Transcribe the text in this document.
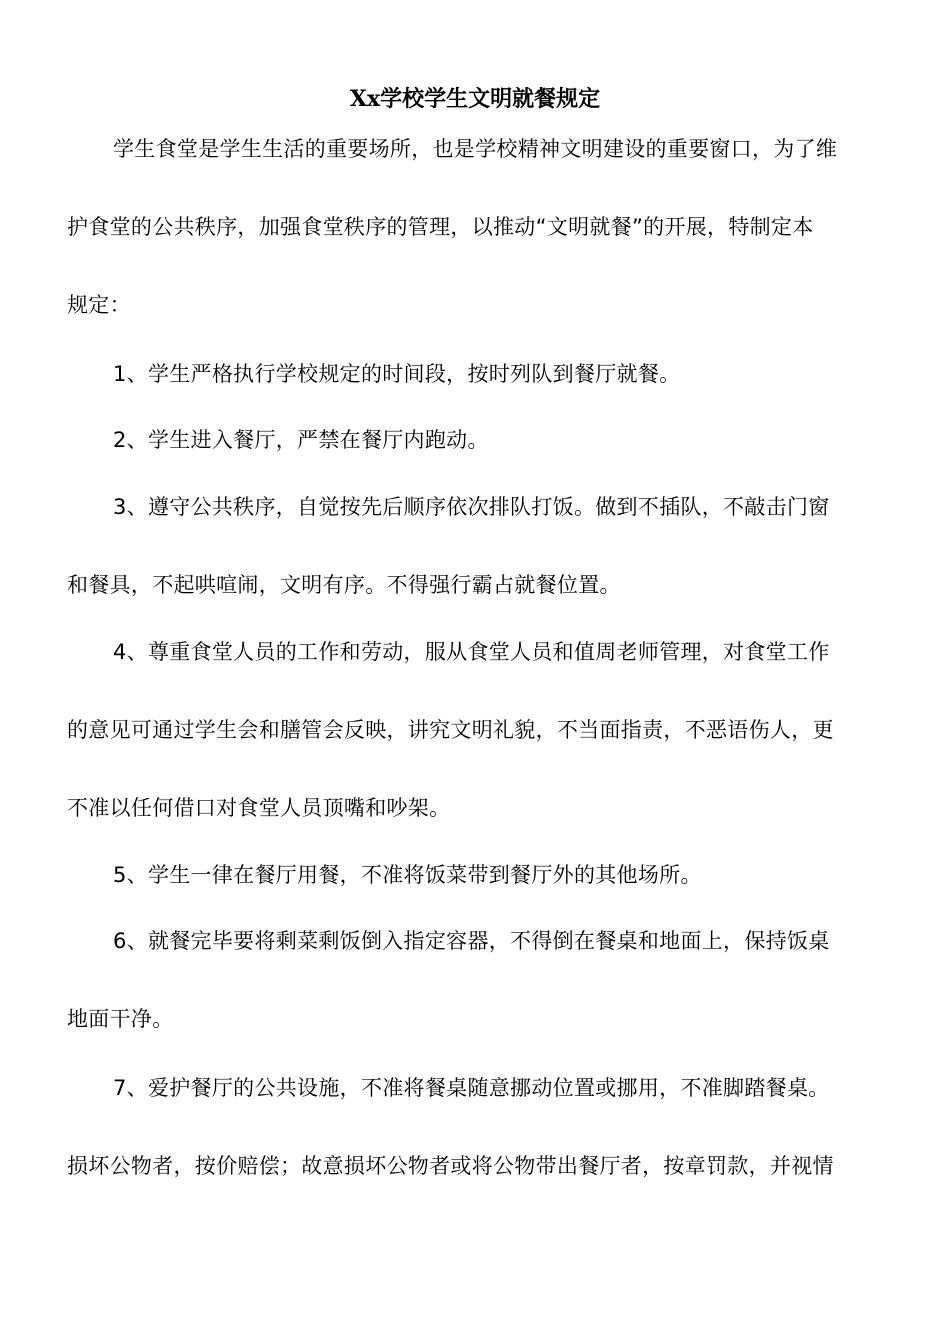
Xx学校学生文明就餐规定

学生食堂是学生生活的重要场所，也是学校精神文明建设的重要窗口，为了维
护食堂的公共秩序，加强食堂秩序的管理，以推动“文明就餐”的开展，特制定本
规定：

1、学生严格执行学校规定的时间段，按时列队到餐厅就餐。

2、学生进入餐厅，严禁在餐厅内跑动。

3、遵守公共秩序，自觉按先后顺序依次排队打饭。做到不插队，不敲击门窗
和餐具，不起哄喧闹，文明有序。不得强行霸占就餐位置。

4、尊重食堂人员的工作和劳动，服从食堂人员和值周老师管理，对食堂工作
的意见可通过学生会和膳管会反映，讲究文明礼貌，不当面指责，不恶语伤人，更
不准以任何借口对食堂人员顶嘴和吵架。

5、学生一律在餐厅用餐，不准将饭菜带到餐厅外的其他场所。

6、就餐完毕要将剩菜剩饭倒入指定容器，不得倒在餐桌和地面上，保持饭桌
地面干净。

7、爱护餐厅的公共设施，不准将餐桌随意挪动位置或挪用，不准脚踏餐桌。
损坏公物者，按价赔偿；故意损坏公物者或将公物带出餐厅者，按章罚款，并视情
